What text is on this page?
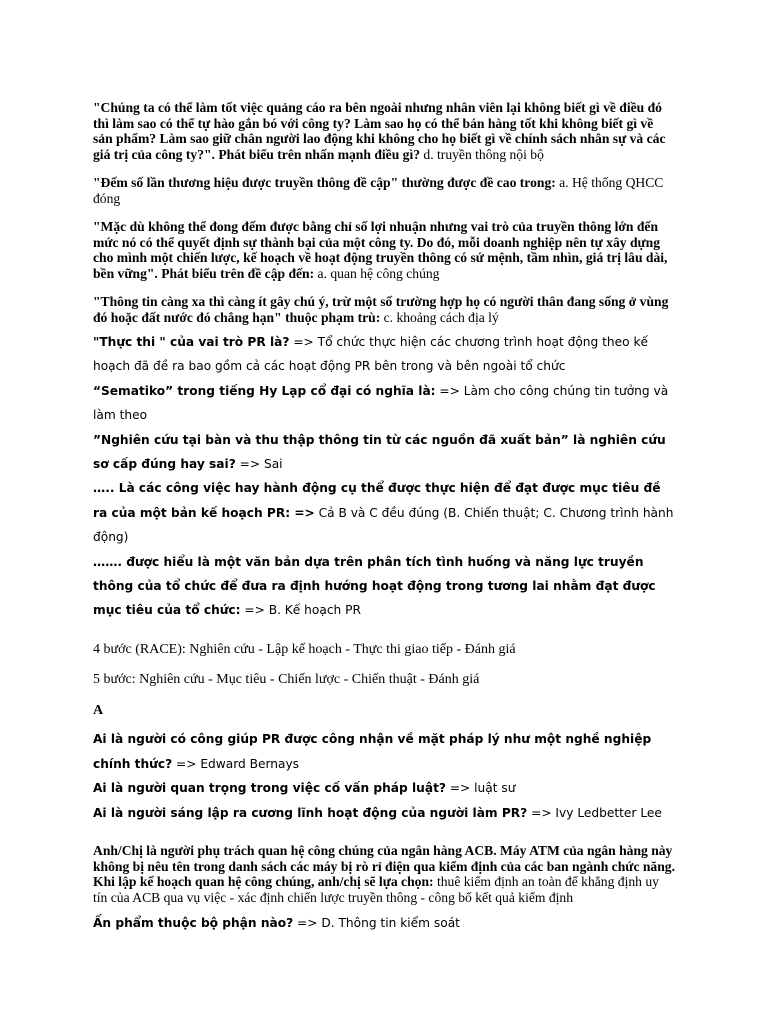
"Chúng ta có thể làm tốt việc quảng cáo ra bên ngoài nhưng nhân viên lại không biết gì về điều đó thì làm sao có thể tự hào gắn bó với công ty? Làm sao họ có thể bán hàng tốt khi không biết gì về sản phẩm? Làm sao giữ chân người lao động khi không cho họ biết gì về chính sách nhân sự và các giá trị của công ty?". Phát biểu trên nhấn mạnh điều gì? d. truyền thông nội bộ

"Đếm số lần thương hiệu được truyền thông đề cập" thường được đề cao trong: a. Hệ thống QHCC đóng

"Mặc dù không thể đong đếm được bằng chỉ số lợi nhuận nhưng vai trò của truyền thông lớn đến mức nó có thể quyết định sự thành bại của một công ty. Do đó, mỗi doanh nghiệp nên tự xây dựng cho mình một chiến lược, kế hoạch về hoạt động truyền thông có sứ mệnh, tầm nhìn, giá trị lâu dài, bền vững". Phát biểu trên đề cập đến: a. quan hệ công chúng

"Thông tin càng xa thì càng ít gây chú ý, trừ một số trường hợp họ có người thân đang sống ở vùng đó hoặc đất nước đó chẳng hạn" thuộc phạm trù: c. khoảng cách địa lý

"Thực thi " của vai trò PR là? => Tổ chức thực hiện các chương trình hoạt động theo kế hoạch đã đề ra bao gồm cả các hoạt động PR bên trong và bên ngoài tổ chức

“Sematiko” trong tiếng Hy Lạp cổ đại có nghĩa là: => Làm cho công chúng tin tưởng và làm theo

”Nghiên cứu tại bàn và thu thập thông tin từ các nguồn đã xuất bản” là nghiên cứu sơ cấp đúng hay sai? => Sai

….. Là các công việc hay hành động cụ thể được thực hiện để đạt được mục tiêu đề ra của một bản kế hoạch PR: => Cả B và C đều đúng (B. Chiến thuật; C. Chương trình hành động)

……. được hiểu là một văn bản dựa trên phân tích tình huống và năng lực truyền thông của tổ chức để đưa ra định hướng hoạt động trong tương lai nhằm đạt được mục tiêu của tổ chức: => B. Kế hoạch PR

4 bước (RACE): Nghiên cứu - Lập kế hoạch - Thực thi giao tiếp - Đánh giá

5 bước: Nghiên cứu - Mục tiêu - Chiến lược - Chiến thuật - Đánh giá

A

Ai là người có công giúp PR được công nhận về mặt pháp lý như một nghề nghiệp chính thức? => Edward Bernays

Ai là người quan trọng trong việc cố vấn pháp luật? => luật sư

Ai là người sáng lập ra cương lĩnh hoạt động của người làm PR? => Ivy Ledbetter Lee

Anh/Chị là người phụ trách quan hệ công chúng của ngân hàng ACB. Máy ATM của ngân hàng này không bị nêu tên trong danh sách các máy bị rò rỉ điện qua kiểm định của các ban ngành chức năng. Khi lập kế hoạch quan hệ công chúng, anh/chị sẽ lựa chọn: thuê kiểm định an toàn để khẳng định uy tín của ACB qua vụ việc - xác định chiến lược truyền thông - công bố kết quả kiểm định

Ấn phẩm thuộc bộ phận nào? => D. Thông tin kiểm soát
